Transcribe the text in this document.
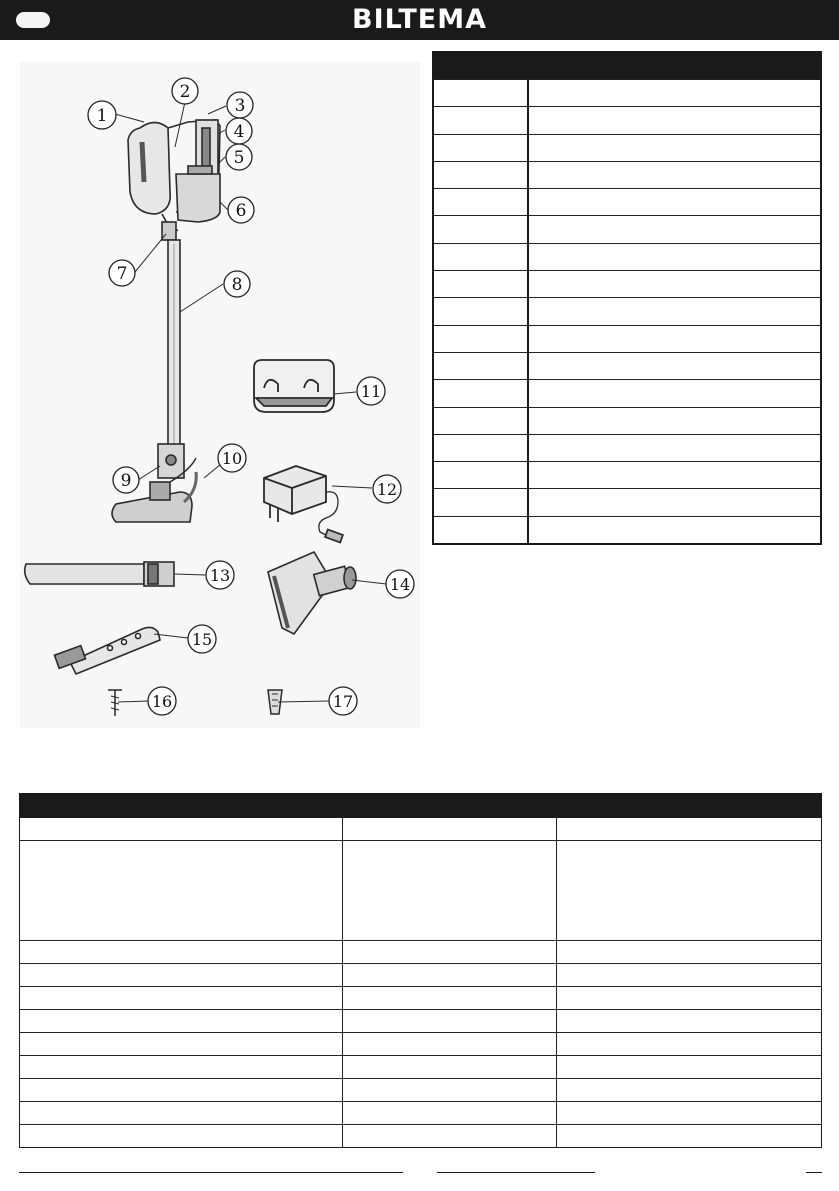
BILTEMA
1
2
3
4
5
6
7
8
9
10
11
12
13	14
15
16	17
